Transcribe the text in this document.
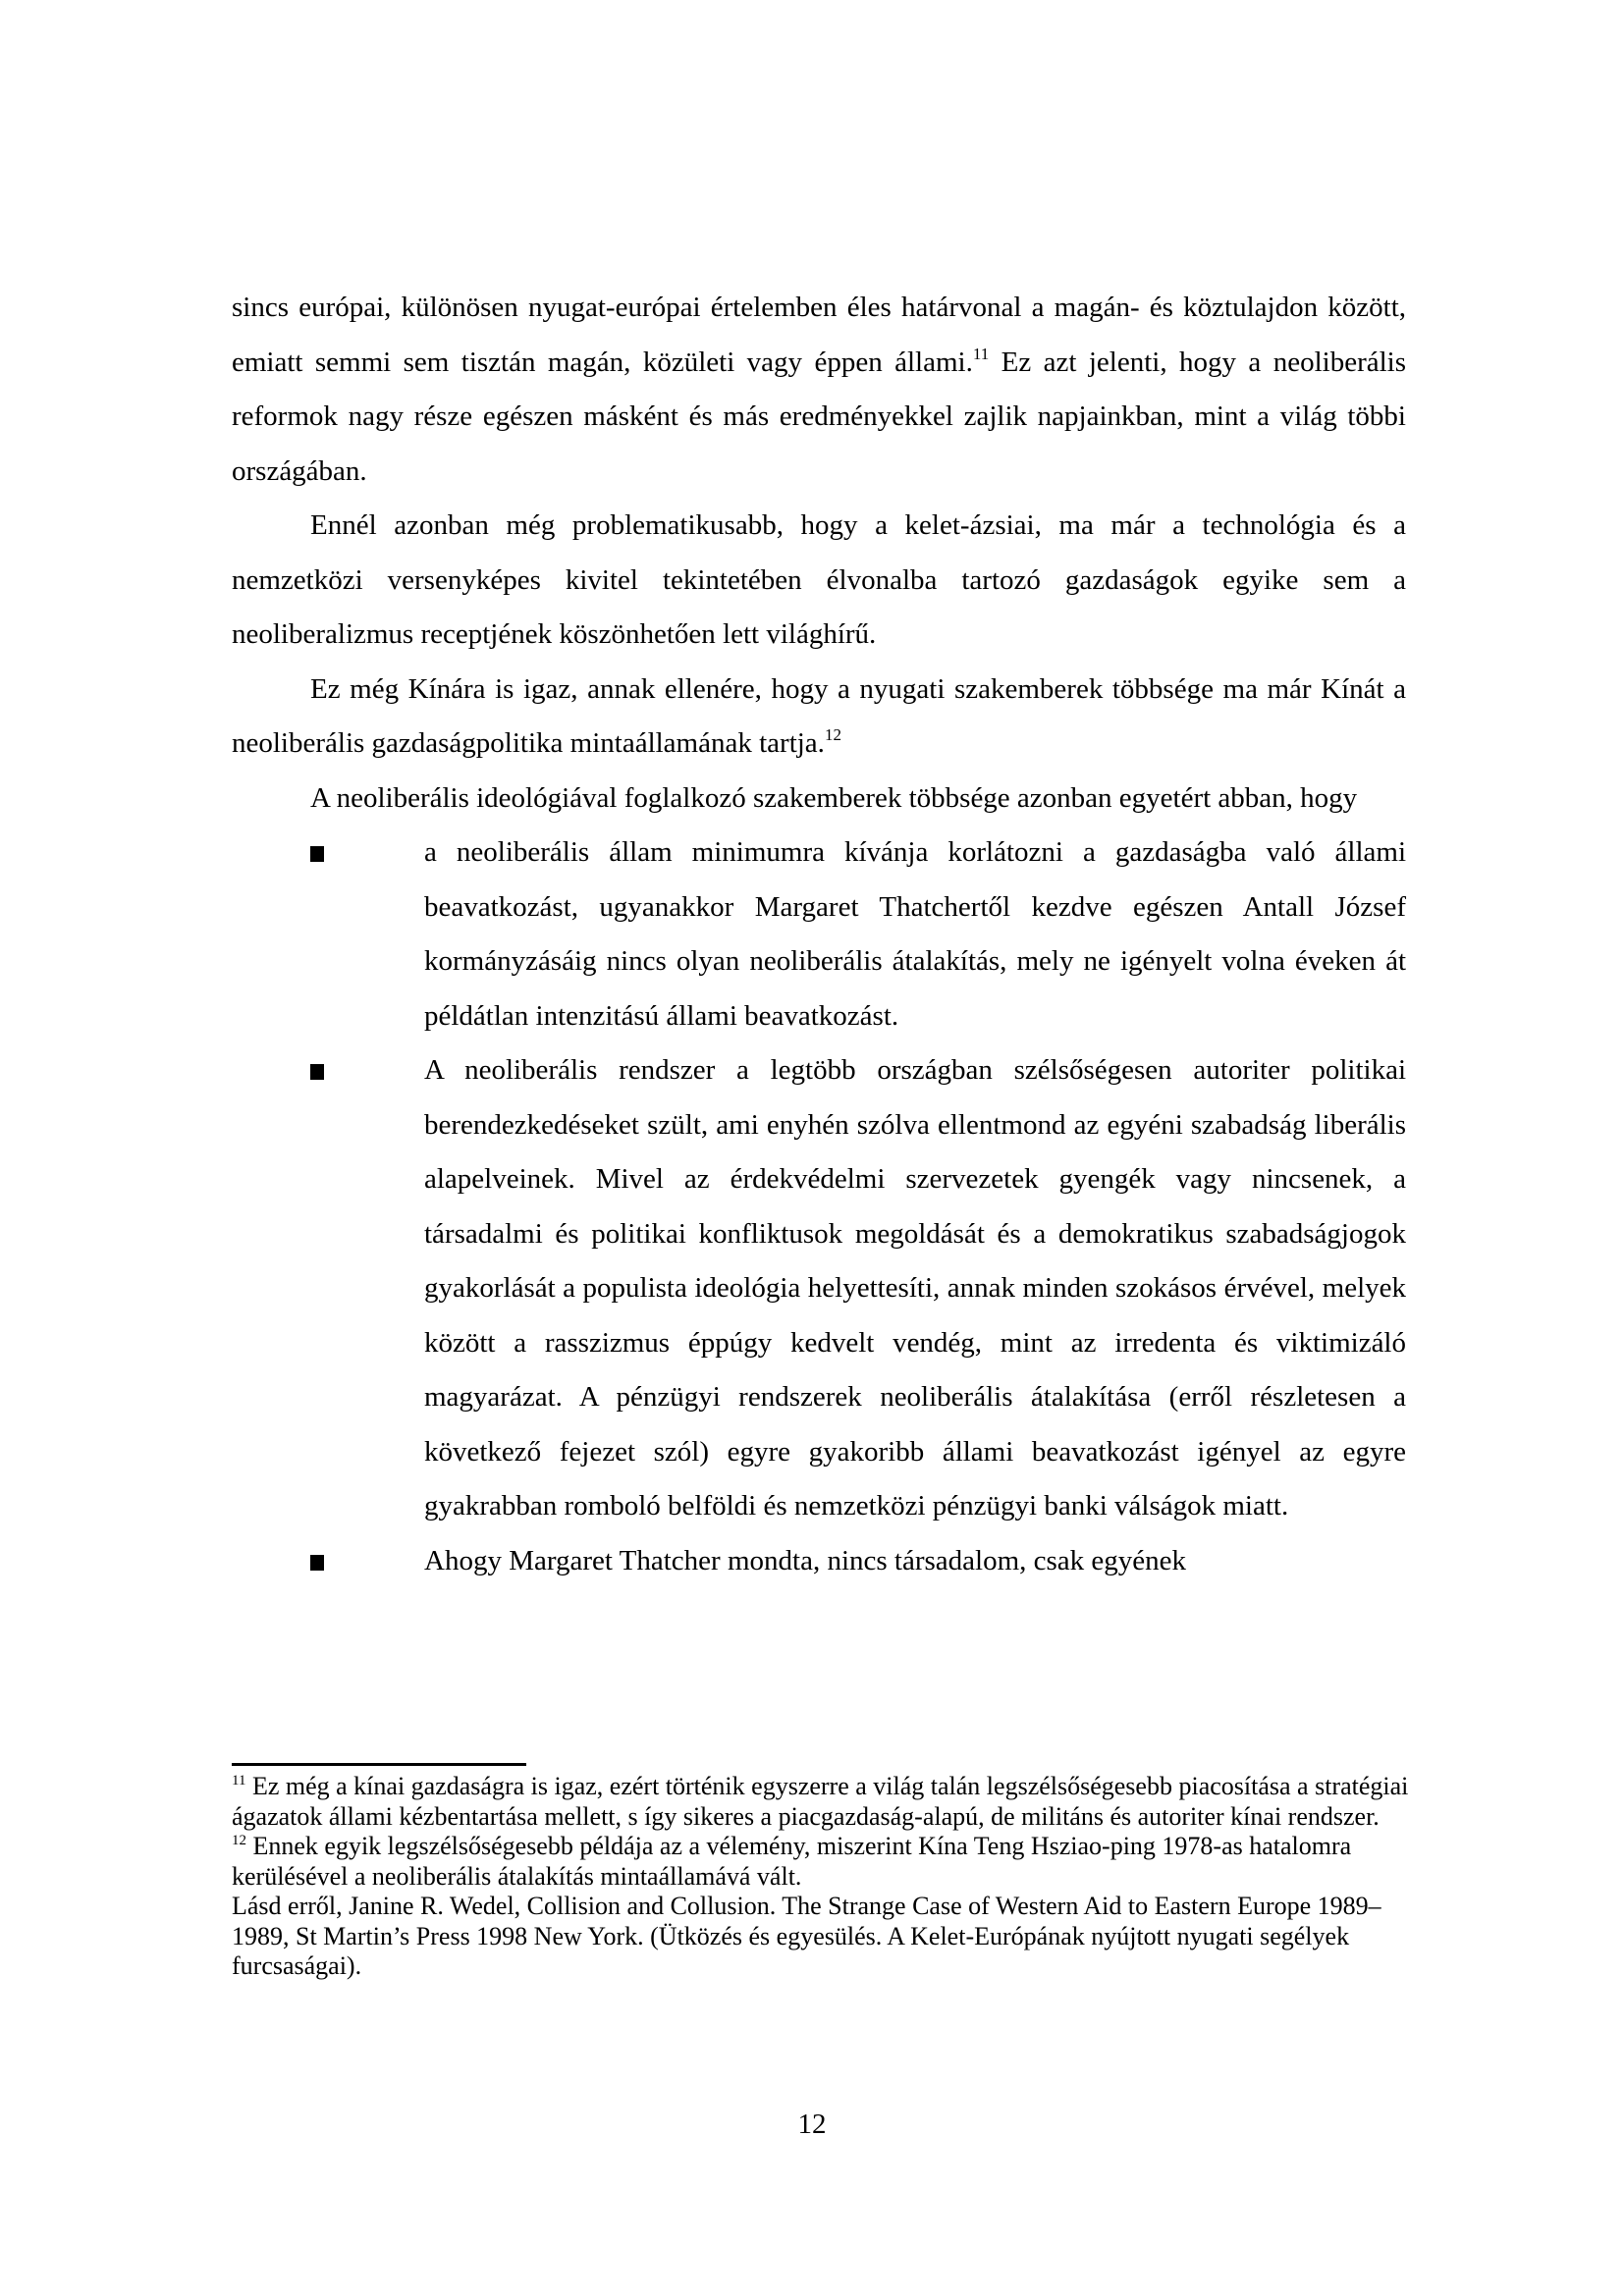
sincs európai, különösen nyugat-európai értelemben éles határvonal a magán- és köztulajdon között, emiatt semmi sem tisztán magán, közületi vagy éppen állami.$^{11}$ Ez azt jelenti, hogy a neoliberális reformok nagy része egészen másként és más eredményekkel zajlik napjainkban, mint a világ többi országában.

Ennél azonban még problematikusabb, hogy a kelet-ázsiai, ma már a technológia és a nemzetközi versenyképes kivitel tekintetében élvonalba tartozó gazdaságok egyike sem a neoliberalizmus receptjének köszönhetően lett világhírű.

Ez még Kínára is igaz, annak ellenére, hogy a nyugati szakemberek többsége ma már Kínát a neoliberális gazdaságpolitika mintaállamának tartja.$^{12}$

A neoliberális ideológiával foglalkozó szakemberek többsége azonban egyetért abban, hogy

a neoliberális állam minimumra kívánja korlátozni a gazdaságba való állami beavatkozást, ugyanakkor Margaret Thatchertől kezdve egészen Antall József kormányzásáig nincs olyan neoliberális átalakítás, mely ne igényelt volna éveken át példátlan intenzitású állami beavatkozást.
A neoliberális rendszer a legtöbb országban szélsőségesen autoriter politikai berendezkedéseket szült, ami enyhén szólva ellentmond az egyéni szabadság liberális alapelveinek. Mivel az érdekvédelmi szervezetek gyengék vagy nincsenek, a társadalmi és politikai konfliktusok megoldását és a demokratikus szabadságjogok gyakorlását a populista ideológia helyettesíti, annak minden szokásos érvével, melyek között a rasszizmus éppúgy kedvelt vendég, mint az irredenta és viktimizáló magyarázat. A pénzügyi rendszerek neoliberális átalakítása (erről részletesen a következő fejezet szól) egyre gyakoribb állami beavatkozást igényel az egyre gyakrabban romboló belföldi és nemzetközi pénzügyi banki válságok miatt.
Ahogy Margaret Thatcher mondta, nincs társadalom, csak egyének

$^{11}$ Ez még a kínai gazdaságra is igaz, ezért történik egyszerre a világ talán legszélsőségesebb piacosítása a stratégiai ágazatok állami kézbentartása mellett, s így sikeres a piacgazdaság-alapú, de militáns és autoriter kínai rendszer.

$^{12}$ Ennek egyik legszélsőségesebb példája az a vélemény, miszerint Kína Teng Hsziao-ping 1978-as hatalomra kerülésével a neoliberális átalakítás mintaállamává vált.
Lásd erről, Janine R. Wedel, Collision and Collusion. The Strange Case of Western Aid to Eastern Europe 1989–1989, St Martin’s Press 1998 New York. (Ütközés és egyesülés. A Kelet-Európának nyújtott nyugati segélyek furcsaságai).

12
